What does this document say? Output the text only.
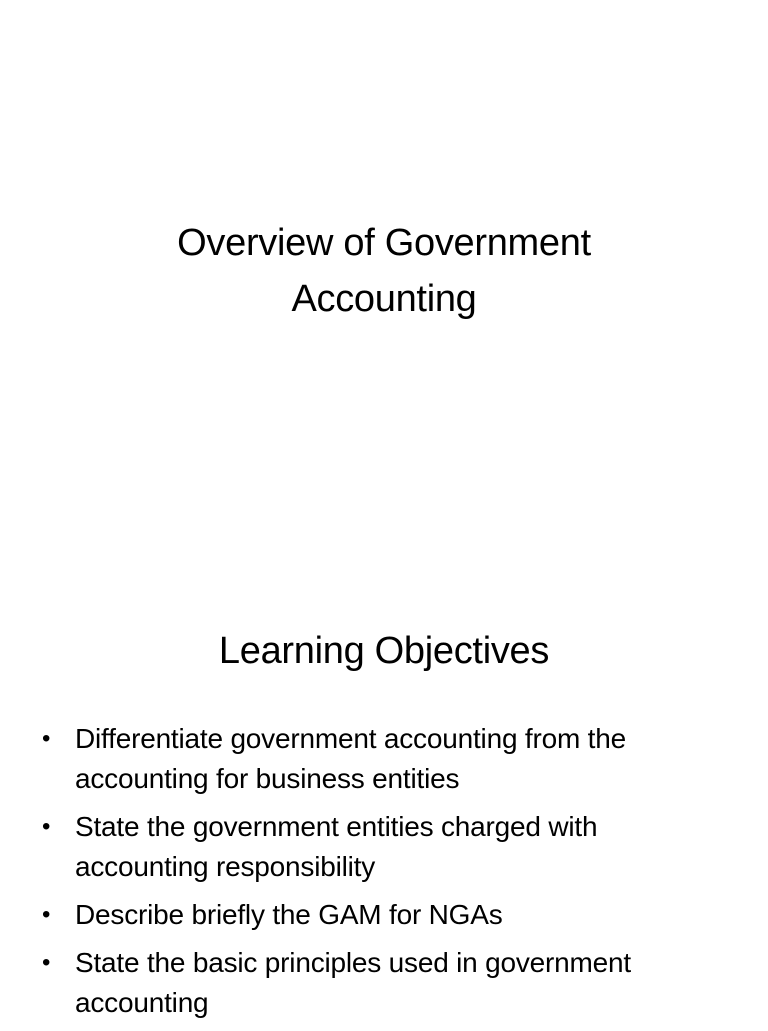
Overview of Government
Accounting
Learning Objectives
• Differentiate government accounting from the accounting for business entities
• State the government entities charged with accounting responsibility
• Describe briefly the GAM for NGAs
• State the basic principles used in government accounting
